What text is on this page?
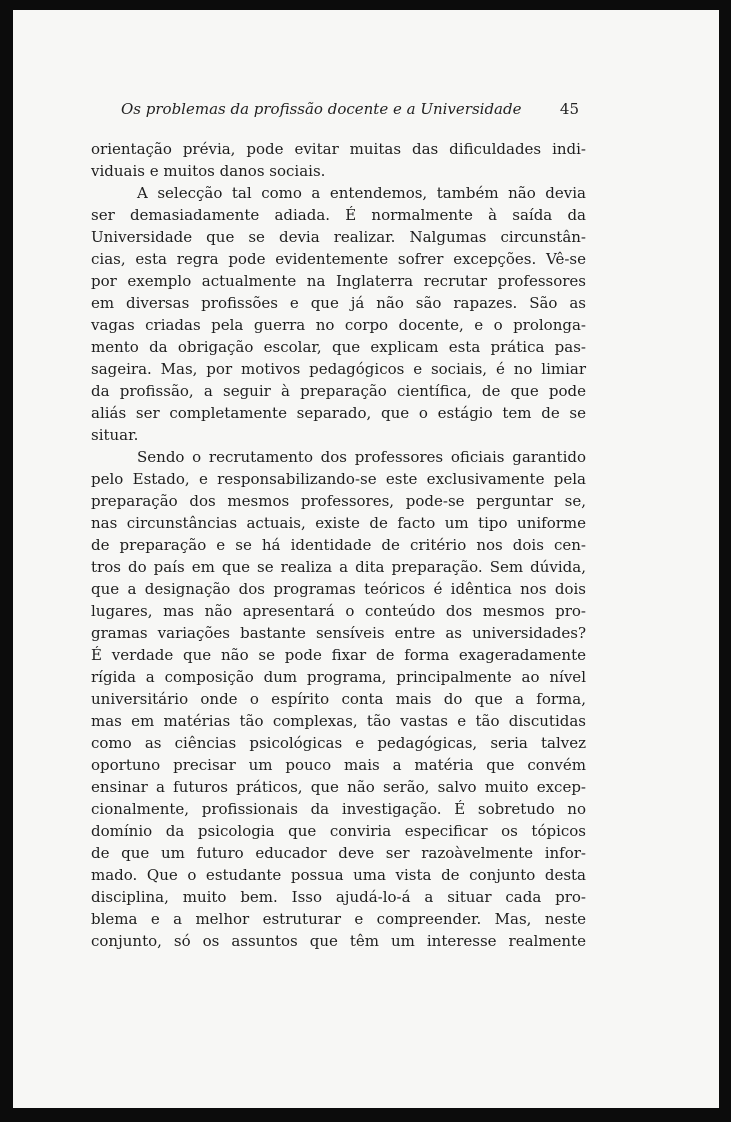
Os problemas da profissão docente e a Universidade	45
orientação prévia, pode evitar muitas das dificuldades indi-
viduais e muitos danos sociais.
A selecção tal como a entendemos, também não devia
ser demasiadamente adiada. É normalmente à saída da
Universidade que se devia realizar. Nalgumas circunstân-
cias, esta regra pode evidentemente sofrer excepções. Vê-se
por exemplo actualmente na Inglaterra recrutar professores
em diversas profissões e que já não são rapazes. São as
vagas criadas pela guerra no corpo docente, e o prolonga-
mento da obrigação escolar, que explicam esta prática pas-
sageira. Mas, por motivos pedagógicos e sociais, é no limiar
da profissão, a seguir à preparação científica, de que pode
aliás ser completamente separado, que o estágio tem de se
situar.
Sendo o recrutamento dos professores oficiais garantido
pelo Estado, e responsabilizando-se este exclusivamente pela
preparação dos mesmos professores, pode-se perguntar se,
nas circunstâncias actuais, existe de facto um tipo uniforme
de preparação e se há identidade de critério nos dois cen-
tros do país em que se realiza a dita preparação. Sem dúvida,
que a designação dos programas teóricos é idêntica nos dois
lugares, mas não apresentará o conteúdo dos mesmos pro-
gramas variações bastante sensíveis entre as universidades?
É verdade que não se pode fixar de forma exageradamente
rígida a composição dum programa, principalmente ao nível
universitário onde o espírito conta mais do que a forma,
mas em matérias tão complexas, tão vastas e tão discutidas
como as ciências psicológicas e pedagógicas, seria talvez
oportuno precisar um pouco mais a matéria que convém
ensinar a futuros práticos, que não serão, salvo muito excep-
cionalmente, profissionais da investigação. É sobretudo no
domínio da psicologia que conviria especificar os tópicos
de que um futuro educador deve ser razoàvelmente infor-
mado. Que o estudante possua uma vista de conjunto desta
disciplina, muito bem. Isso ajudá-lo-á a situar cada pro-
blema e a melhor estruturar e compreender. Mas, neste
conjunto, só os assuntos que têm um interesse realmente
